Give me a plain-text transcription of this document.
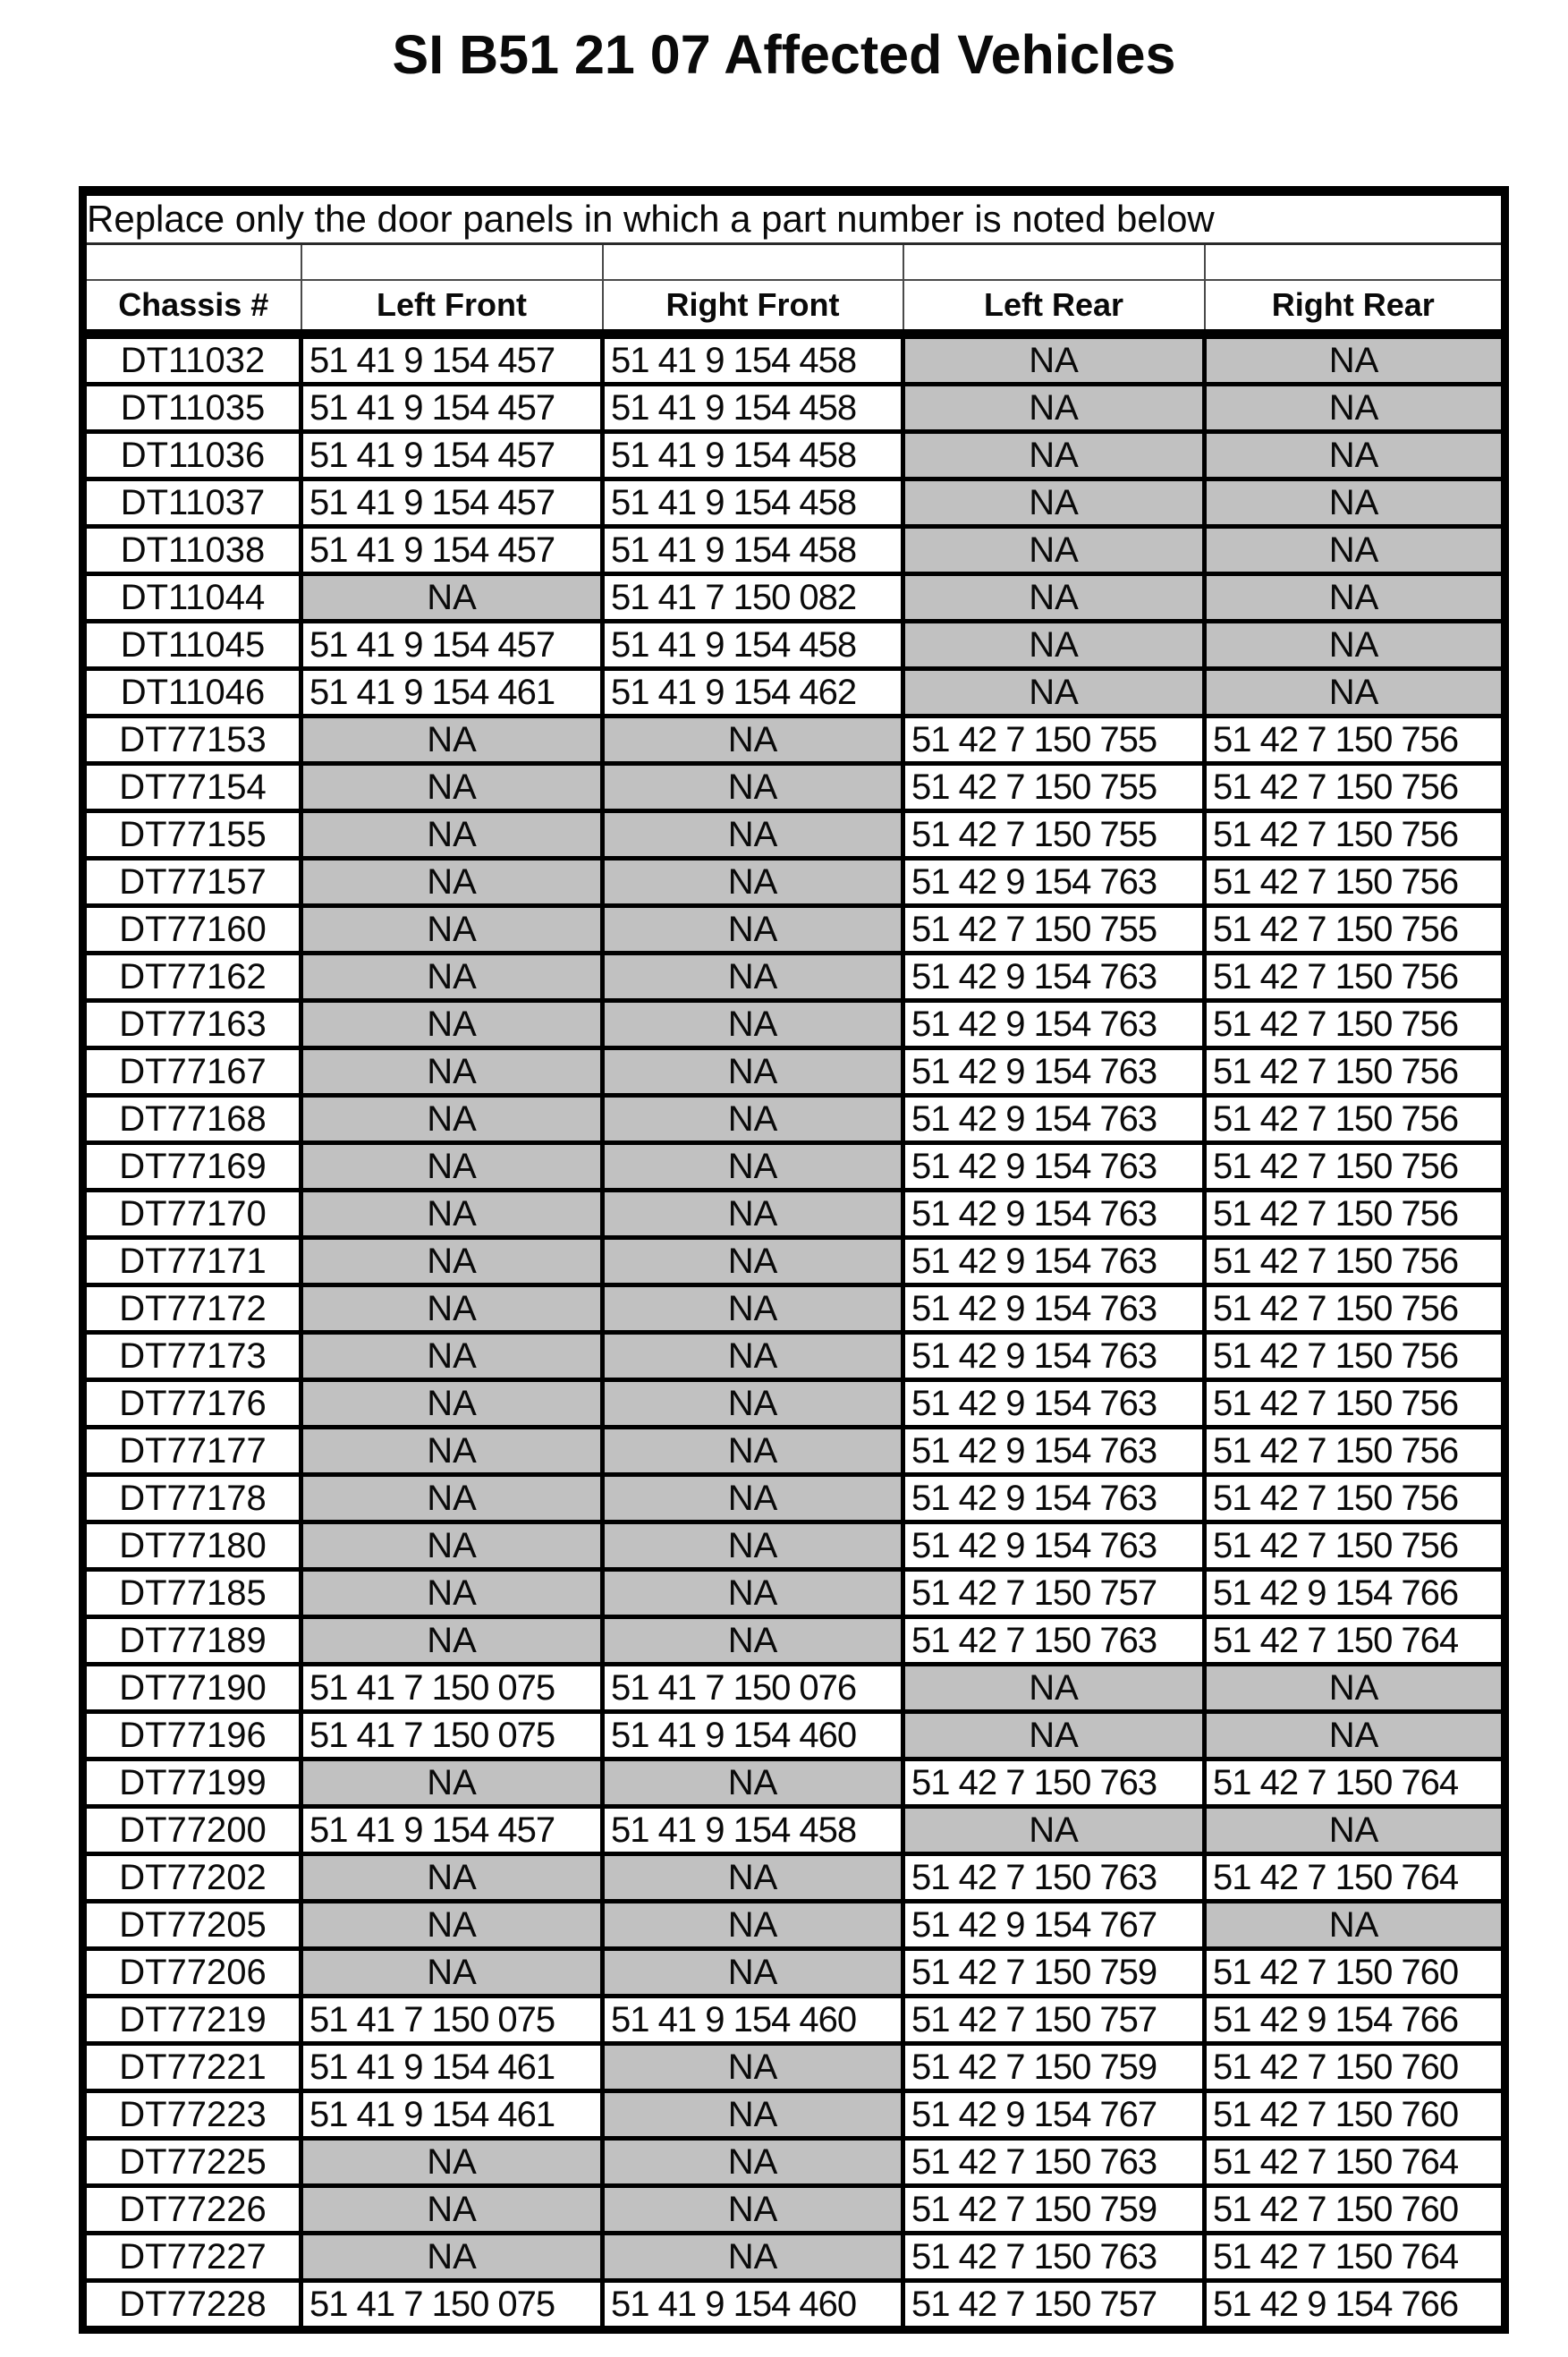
SI B51 21 07 Affected Vehicles
Replace only the door panels in which a part number is noted below				

Chassis #	Left Front	Right Front	Left Rear	Right Rear
DT11032	51 41 9 154 457	51 41 9 154 458	NA	NA
DT11035	51 41 9 154 457	51 41 9 154 458	NA	NA
DT11036	51 41 9 154 457	51 41 9 154 458	NA	NA
DT11037	51 41 9 154 457	51 41 9 154 458	NA	NA
DT11038	51 41 9 154 457	51 41 9 154 458	NA	NA
DT11044	NA	51 41 7 150 082	NA	NA
DT11045	51 41 9 154 457	51 41 9 154 458	NA	NA
DT11046	51 41 9 154 461	51 41 9 154 462	NA	NA
DT77153	NA	NA	51 42 7 150 755	51 42 7 150 756
DT77154	NA	NA	51 42 7 150 755	51 42 7 150 756
DT77155	NA	NA	51 42 7 150 755	51 42 7 150 756
DT77157	NA	NA	51 42 9 154 763	51 42 7 150 756
DT77160	NA	NA	51 42 7 150 755	51 42 7 150 756
DT77162	NA	NA	51 42 9 154 763	51 42 7 150 756
DT77163	NA	NA	51 42 9 154 763	51 42 7 150 756
DT77167	NA	NA	51 42 9 154 763	51 42 7 150 756
DT77168	NA	NA	51 42 9 154 763	51 42 7 150 756
DT77169	NA	NA	51 42 9 154 763	51 42 7 150 756
DT77170	NA	NA	51 42 9 154 763	51 42 7 150 756
DT77171	NA	NA	51 42 9 154 763	51 42 7 150 756
DT77172	NA	NA	51 42 9 154 763	51 42 7 150 756
DT77173	NA	NA	51 42 9 154 763	51 42 7 150 756
DT77176	NA	NA	51 42 9 154 763	51 42 7 150 756
DT77177	NA	NA	51 42 9 154 763	51 42 7 150 756
DT77178	NA	NA	51 42 9 154 763	51 42 7 150 756
DT77180	NA	NA	51 42 9 154 763	51 42 7 150 756
DT77185	NA	NA	51 42 7 150 757	51 42 9 154 766
DT77189	NA	NA	51 42 7 150 763	51 42 7 150 764
DT77190	51 41 7 150 075	51 41 7 150 076	NA	NA
DT77196	51 41 7 150 075	51 41 9 154 460	NA	NA
DT77199	NA	NA	51 42 7 150 763	51 42 7 150 764
DT77200	51 41 9 154 457	51 41 9 154 458	NA	NA
DT77202	NA	NA	51 42 7 150 763	51 42 7 150 764
DT77205	NA	NA	51 42 9 154 767	NA
DT77206	NA	NA	51 42 7 150 759	51 42 7 150 760
DT77219	51 41 7 150 075	51 41 9 154 460	51 42 7 150 757	51 42 9 154 766
DT77221	51 41 9 154 461	NA	51 42 7 150 759	51 42 7 150 760
DT77223	51 41 9 154 461	NA	51 42 9 154 767	51 42 7 150 760
DT77225	NA	NA	51 42 7 150 763	51 42 7 150 764
DT77226	NA	NA	51 42 7 150 759	51 42 7 150 760
DT77227	NA	NA	51 42 7 150 763	51 42 7 150 764
DT77228	51 41 7 150 075	51 41 9 154 460	51 42 7 150 757	51 42 9 154 766
